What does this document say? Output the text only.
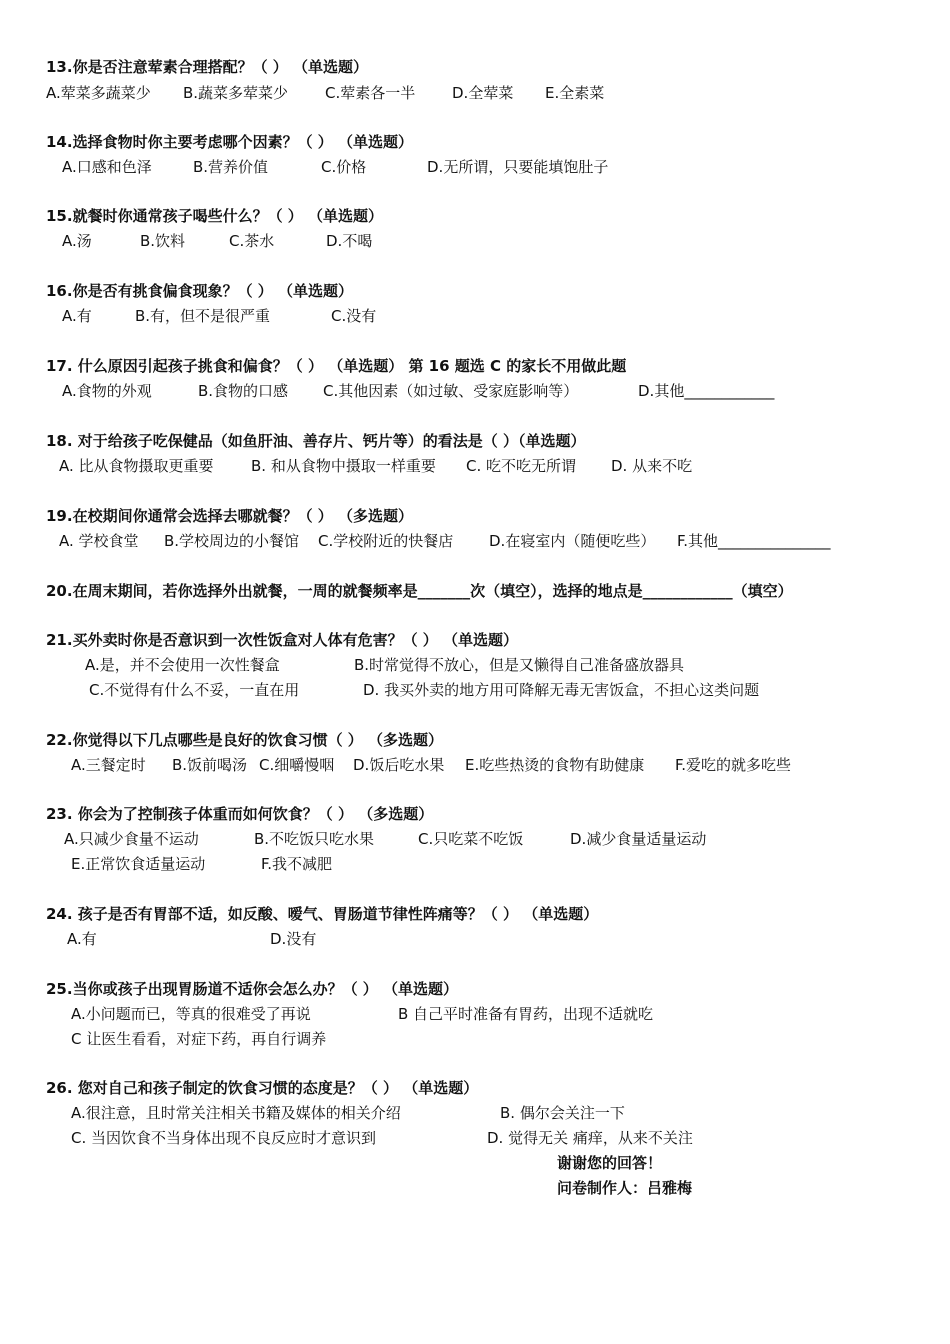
13.你是否注意荤素合理搭配？（ ） （单选题）
A.荤菜多蔬菜少 B.蔬菜多荤菜少 C.荤素各一半 D.全荤菜 E.全素菜
14.选择食物时你主要考虑哪个因素？（ ） （单选题）
A.口感和色泽	B.营养价值	C.价格	D.无所谓，只要能填饱肚子
15.就餐时你通常孩子喝些什么？（ ） （单选题）
A.汤	B.饮料	C.茶水	D.不喝
16.你是否有挑食偏食现象？（ ） （单选题）
A.有	B.有，但不是很严重	C.没有
17. 什么原因引起孩子挑食和偏食？（ ） （单选题） 第 16 题选 C 的家长不用做此题
A.食物的外观	B.食物的口感 C.其他因素（如过敏、受家庭影响等）	D.其他____________
18. 对于给孩子吃保健品（如鱼肝油、善存片、钙片等）的看法是（ ）（单选题）
A. 比从食物摄取更重要 B. 和从食物中摄取一样重要 C. 吃不吃无所谓 D. 从来不吃
19.在校期间你通常会选择去哪就餐？（ ） （多选题）
A. 学校食堂 B.学校周边的小餐馆 C.学校附近的快餐店 D.在寝室内（随便吃些） F.其他_______________
20.在周末期间，若你选择外出就餐，一周的就餐频率是_______次（填空），选择的地点是____________（填空）
21.买外卖时你是否意识到一次性饭盒对人体有危害？（ ） （单选题）
A.是，并不会使用一次性餐盒	B.时常觉得不放心，但是又懒得自己准备盛放器具
C.不觉得有什么不妥，一直在用	D. 我买外卖的地方用可降解无毒无害饭盒，不担心这类问题
22.你觉得以下几点哪些是良好的饮食习惯（ ） （多选题）
A.三餐定时 B.饭前喝汤 C.细嚼慢咽 D.饭后吃水果 E.吃些热烫的食物有助健康 F.爱吃的就多吃些
23. 你会为了控制孩子体重而如何饮食？（ ） （多选题）
A.只减少食量不运动	B.不吃饭只吃水果	C.只吃菜不吃饭	D.减少食量适量运动
E.正常饮食适量运动	F.我不减肥
24. 孩子是否有胃部不适，如反酸、嗳气、胃肠道节律性阵痛等？（ ） （单选题）
A.有	D.没有
25.当你或孩子出现胃肠道不适你会怎么办？（ ） （单选题）
A.小问题而已，等真的很难受了再说	B 自己平时准备有胃药，出现不适就吃
C 让医生看看，对症下药，再自行调养
26. 您对自己和孩子制定的饮食习惯的态度是？（ ） （单选题）
A.很注意，且时常关注相关书籍及媒体的相关介绍	B. 偶尔会关注一下
C. 当因饮食不当身体出现不良反应时才意识到	D. 觉得无关 痛痒，从来不关注
谢谢您的回答！
问卷制作人：吕雅梅
